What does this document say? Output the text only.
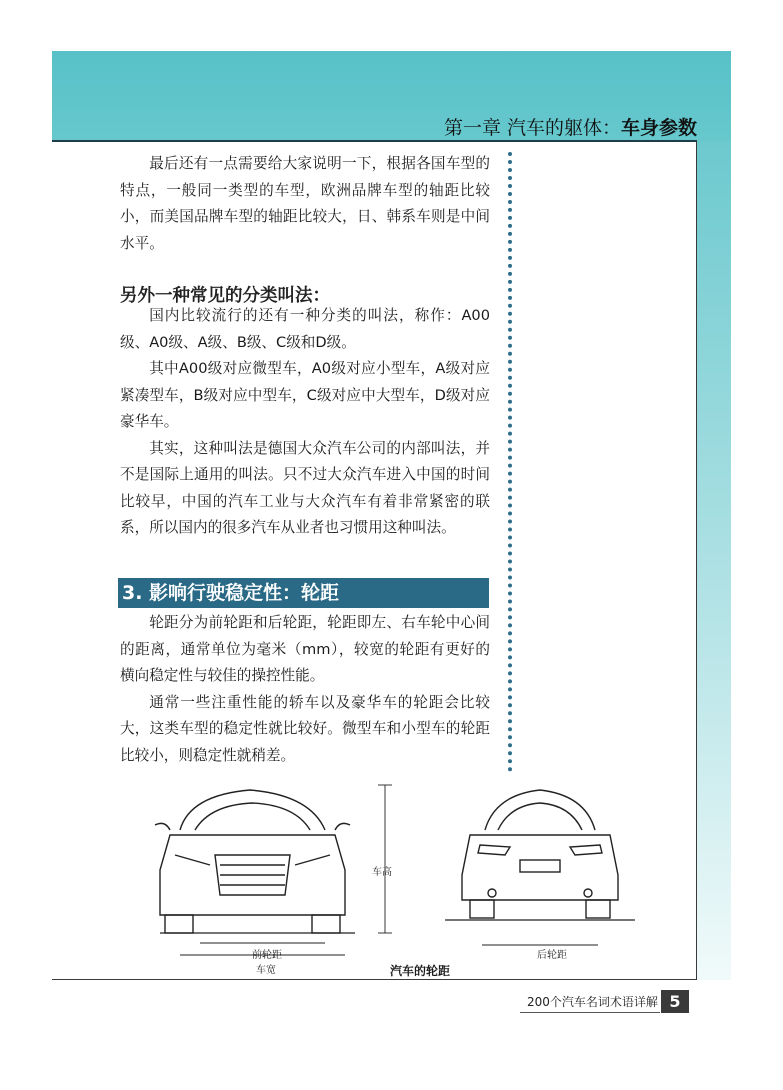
第一章 汽车的躯体：车身参数

最后还有一点需要给大家说明一下，根据各国车型的特点，一般同一类型的车型，欧洲品牌车型的轴距比较小，而美国品牌车型的轴距比较大，日、韩系车则是中间水平。

另外一种常见的分类叫法：

国内比较流行的还有一种分类的叫法，称作：A00级、A0级、A级、B级、C级和D级。

其中A00级对应微型车，A0级对应小型车，A级对应紧凑型车，B级对应中型车，C级对应中大型车，D级对应豪华车。

其实，这种叫法是德国大众汽车公司的内部叫法，并不是国际上通用的叫法。只不过大众汽车进入中国的时间比较早，中国的汽车工业与大众汽车有着非常紧密的联系，所以国内的很多汽车从业者也习惯用这种叫法。

3. 影响行驶稳定性：轮距

轮距分为前轮距和后轮距，轮距即左、右车轮中心间的距离，通常单位为毫米（mm），较宽的轮距有更好的横向稳定性与较佳的操控性能。

通常一些注重性能的轿车以及豪华车的轮距会比较大，这类车型的稳定性就比较好。微型车和小型车的轮距比较小，则稳定性就稍差。

车高
前轮距
车宽
后轮距
汽车的轮距
200个汽车名词术语详解 5
